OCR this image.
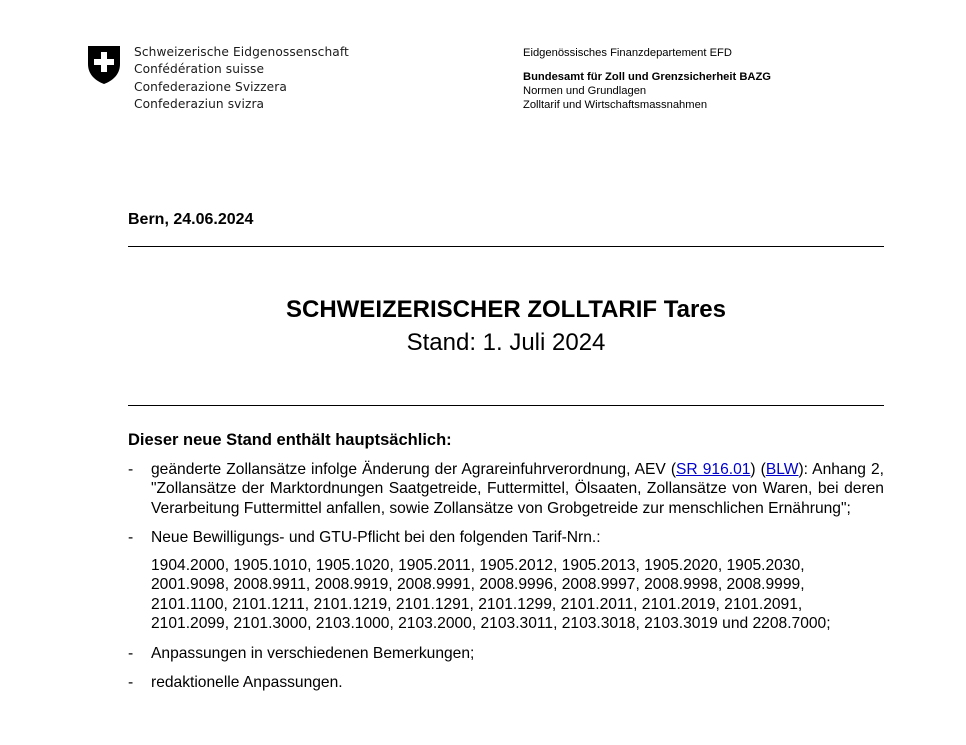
Schweizerische Eidgenossenschaft
Confédération suisse
Confederazione Svizzera
Confederaziun svizra
Eidgenössisches Finanzdepartement EFD
Bundesamt für Zoll und Grenzsicherheit BAZG
Normen und Grundlagen
Zolltarif und Wirtschaftsmassnahmen
Bern, 24.06.2024
SCHWEIZERISCHER ZOLLTARIF Tares
Stand: 1. Juli 2024
Dieser neue Stand enthält hauptsächlich:
- geänderte Zollansätze infolge Änderung der Agrareinfuhrverordnung, AEV (SR 916.01) (BLW): Anhang 2, "Zollansätze der Marktordnungen Saatgetreide, Futtermittel, Ölsaaten, Zollansätze von Waren, bei deren Verarbeitung Futtermittel anfallen, sowie Zollansätze von Grobgetreide zur menschlichen Ernährung";
- Neue Bewilligungs- und GTU-Pflicht bei den folgenden Tarif-Nrn.:
1904.2000, 1905.1010, 1905.1020, 1905.2011, 1905.2012, 1905.2013, 1905.2020, 1905.2030,
2001.9098, 2008.9911, 2008.9919, 2008.9991, 2008.9996, 2008.9997, 2008.9998, 2008.9999,
2101.1100, 2101.1211, 2101.1219, 2101.1291, 2101.1299, 2101.2011, 2101.2019, 2101.2091,
2101.2099, 2101.3000, 2103.1000, 2103.2000, 2103.3011, 2103.3018, 2103.3019 und 2208.7000;
- Anpassungen in verschiedenen Bemerkungen;
- redaktionelle Anpassungen.
